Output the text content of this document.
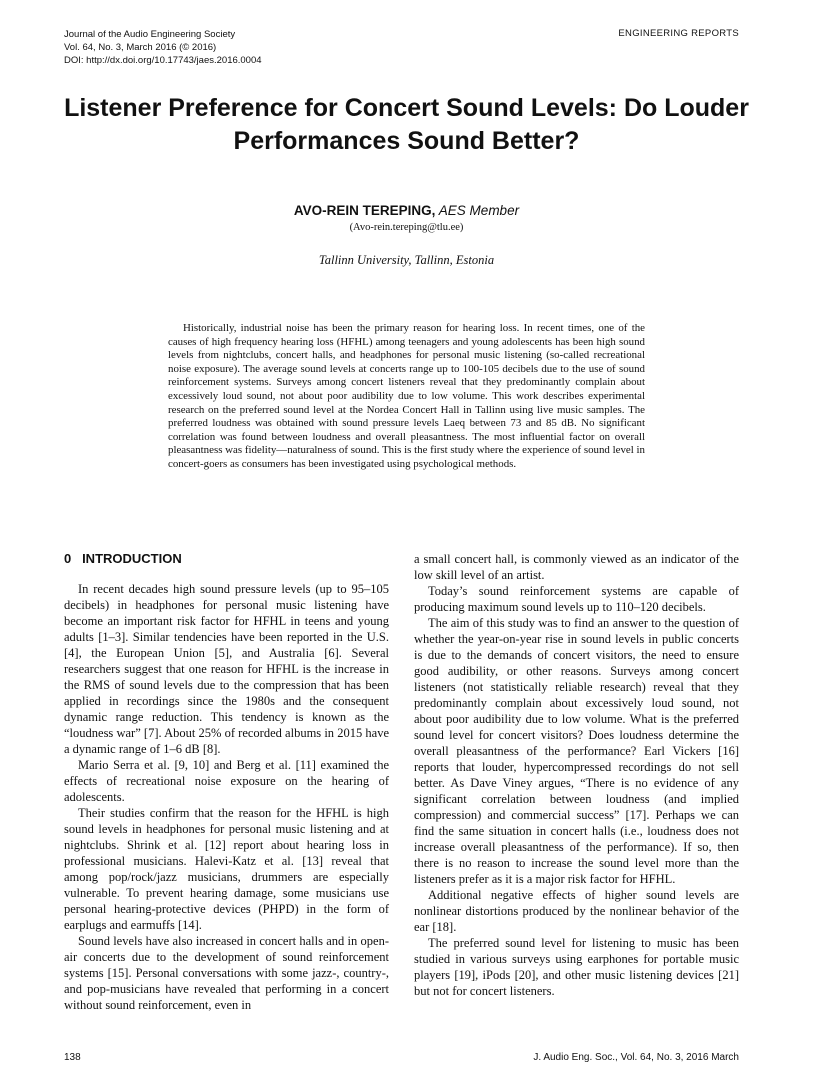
Journal of the Audio Engineering Society
Vol. 64, No. 3, March 2016 (© 2016)
DOI: http://dx.doi.org/10.17743/jaes.2016.0004
ENGINEERING REPORTS
Listener Preference for Concert Sound Levels: Do Louder Performances Sound Better?
AVO-REIN TEREPING, AES Member
(Avo-rein.tereping@tlu.ee)
Tallinn University, Tallinn, Estonia

Historically, industrial noise has been the primary reason for hearing loss. In recent times, one of the causes of high frequency hearing loss (HFHL) among teenagers and young adolescents has been high sound levels from nightclubs, concert halls, and headphones for personal music listening (so-called recreational noise exposure). The average sound levels at concerts range up to 100-105 decibels due to the use of sound reinforcement systems. Surveys among concert listeners reveal that they predominantly complain about excessively loud sound, not about poor audibility due to low volume. This work describes experimental research on the preferred sound level at the Nordea Concert Hall in Tallinn using live music samples. The preferred loudness was obtained with sound pressure levels Laeq between 73 and 85 dB. No significant correlation was found between loudness and overall pleasantness. The most influential factor on overall pleasantness was fidelity—naturalness of sound. This is the first study where the experience of sound level in concert-goers as consumers has been investigated using psychological methods.

0   INTRODUCTION

In recent decades high sound pressure levels (up to 95–105 decibels) in headphones for personal music listening have become an important risk factor for HFHL in teens and young adults [1–3]. Similar tendencies have been reported in the U.S. [4], the European Union [5], and Australia [6]. Several researchers suggest that one reason for HFHL is the increase in the RMS of sound levels due to the compression that has been applied in recordings since the 1980s and the consequent dynamic range reduction. This tendency is known as the “loudness war” [7]. About 25% of recorded albums in 2015 have a dynamic range of 1–6 dB [8].

Mario Serra et al. [9, 10] and Berg et al. [11] examined the effects of recreational noise exposure on the hearing of adolescents.

Their studies confirm that the reason for the HFHL is high sound levels in headphones for personal music listening and at nightclubs. Shrink et al. [12] report about hearing loss in professional musicians. Halevi-Katz et al. [13] reveal that among pop/rock/jazz musicians, drummers are especially vulnerable. To prevent hearing damage, some musicians use personal hearing-protective devices (PHPD) in the form of earplugs and earmuffs [14].

Sound levels have also increased in concert halls and in open-air concerts due to the development of sound reinforcement systems [15]. Personal conversations with some jazz-, country-, and pop-musicians have revealed that performing in a concert without sound reinforcement, even in

a small concert hall, is commonly viewed as an indicator of the low skill level of an artist.

Today’s sound reinforcement systems are capable of producing maximum sound levels up to 110–120 decibels.

The aim of this study was to find an answer to the question of whether the year-on-year rise in sound levels in public concerts is due to the demands of concert visitors, the need to ensure good audibility, or other reasons. Surveys among concert listeners (not statistically reliable research) reveal that they predominantly complain about excessively loud sound, not about poor audibility due to low volume. What is the preferred sound level for concert visitors? Does loudness determine the overall pleasantness of the performance? Earl Vickers [16] reports that louder, hypercompressed recordings do not sell better. As Dave Viney argues, “There is no evidence of any significant correlation between loudness (and implied compression) and commercial success” [17]. Perhaps we can find the same situation in concert halls (i.e., loudness does not increase overall pleasantness of the performance). If so, then there is no reason to increase the sound level more than the listeners prefer as it is a major risk factor for HFHL.

Additional negative effects of higher sound levels are nonlinear distortions produced by the nonlinear behavior of the ear [18].

The preferred sound level for listening to music has been studied in various surveys using earphones for portable music players [19], iPods [20], and other music listening devices [21] but not for concert listeners.

138	J. Audio Eng. Soc., Vol. 64, No. 3, 2016 March
